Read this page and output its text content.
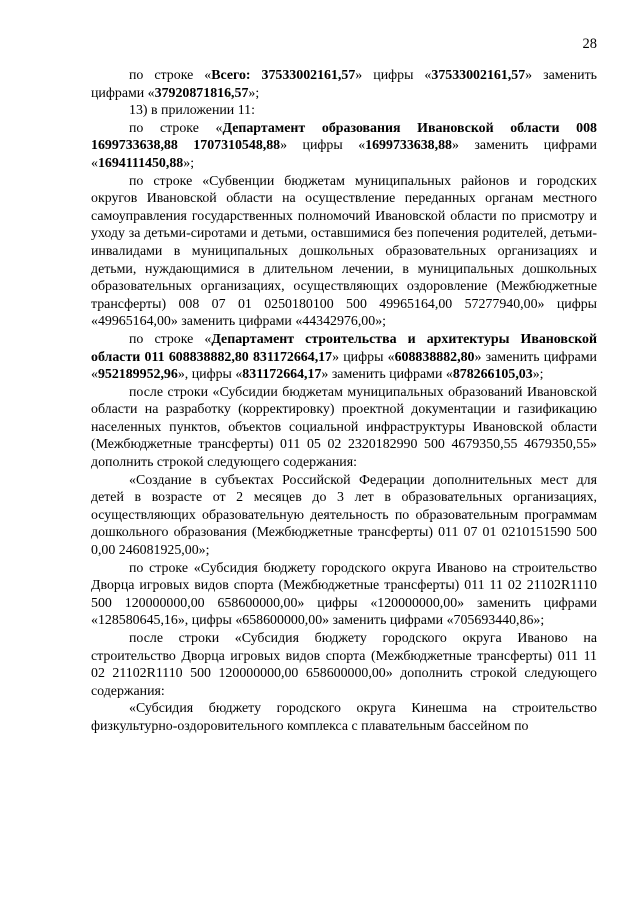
28

по строке «Всего: 37533002161,57» цифры «37533002161,57» заменить цифрами «37920871816,57»;

13) в приложении 11:

по строке «Департамент образования Ивановской области 008 1699733638,88 1707310548,88» цифры «1699733638,88» заменить цифрами «1694111450,88»;

по строке «Субвенции бюджетам муниципальных районов и городских округов Ивановской области на осуществление переданных органам местного самоуправления государственных полномочий Ивановской области по присмотру и уходу за детьми-сиротами и детьми, оставшимися без попечения родителей, детьми-инвалидами в муниципальных дошкольных образовательных организациях и детьми, нуждающимися в длительном лечении, в муниципальных дошкольных образовательных организациях, осуществляющих оздоровление (Межбюджетные трансферты) 008 07 01 0250180100 500 49965164,00 57277940,00» цифры «49965164,00» заменить цифрами «44342976,00»;

по строке «Департамент строительства и архитектуры Ивановской области 011 608838882,80 831172664,17» цифры «608838882,80» заменить цифрами «952189952,96», цифры «831172664,17» заменить цифрами «878266105,03»;

после строки «Субсидии бюджетам муниципальных образований Ивановской области на разработку (корректировку) проектной документации и газификацию населенных пунктов, объектов социальной инфраструктуры Ивановской области (Межбюджетные трансферты) 011 05 02 2320182990 500 4679350,55 4679350,55» дополнить строкой следующего содержания:

«Создание в субъектах Российской Федерации дополнительных мест для детей в возрасте от 2 месяцев до 3 лет в образовательных организациях, осуществляющих образовательную деятельность по образовательным программам дошкольного образования (Межбюджетные трансферты) 011 07 01 0210151590 500 0,00 246081925,00»;

по строке «Субсидия бюджету городского округа Иваново на строительство Дворца игровых видов спорта (Межбюджетные трансферты) 011 11 02 21102R1110 500 120000000,00 658600000,00» цифры «120000000,00» заменить цифрами «128580645,16», цифры «658600000,00» заменить цифрами «705693440,86»;

после строки «Субсидия бюджету городского округа Иваново на строительство Дворца игровых видов спорта (Межбюджетные трансферты) 011 11 02 21102R1110 500 120000000,00 658600000,00» дополнить строкой следующего содержания:

«Субсидия бюджету городского округа Кинешма на строительство физкультурно-оздоровительного комплекса с плавательным бассейном по
